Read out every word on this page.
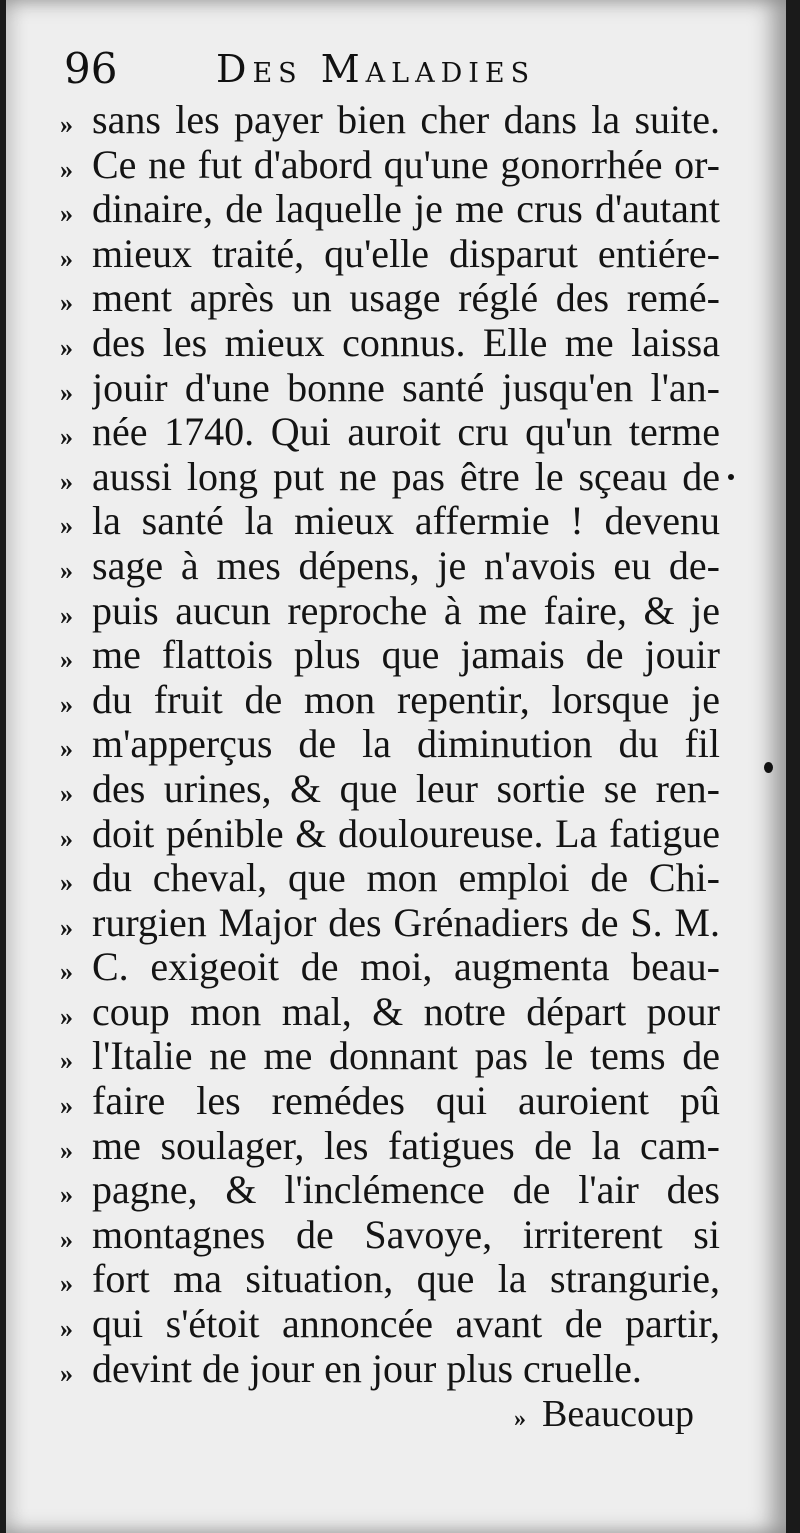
96	Des Maladies
» sans les payer bien cher dans la suite.
» Ce ne fut d'abord qu'une gonorrhée or-
» dinaire, de laquelle je me crus d'autant
» mieux traité, qu'elle disparut entiére-
» ment après un usage réglé des remé-
» des les mieux connus. Elle me laissa
» jouir d'une bonne santé jusqu'en l'an-
» née 1740. Qui auroit cru qu'un terme
» aussi long put ne pas être le sçeau de
» la santé la mieux affermie ! devenu
» sage à mes dépens, je n'avois eu de-
» puis aucun reproche à me faire, & je
» me flattois plus que jamais de jouir
» du fruit de mon repentir, lorsque je
» m'apperçus de la diminution du fil
» des urines, & que leur sortie se ren-
» doit pénible & douloureuse. La fatigue
» du cheval, que mon emploi de Chi-
» rurgien Major des Grénadiers de S. M.
» C. exigeoit de moi, augmenta beau-
» coup mon mal, & notre départ pour
» l'Italie ne me donnant pas le tems de
» faire les remédes qui auroient pû
» me soulager, les fatigues de la cam-
» pagne, & l'inclémence de l'air des
» montagnes de Savoye, irriterent si
» fort ma situation, que la strangurie,
» qui s'étoit annoncée avant de partir,
» devint de jour en jour plus cruelle.
» Beaucoup
